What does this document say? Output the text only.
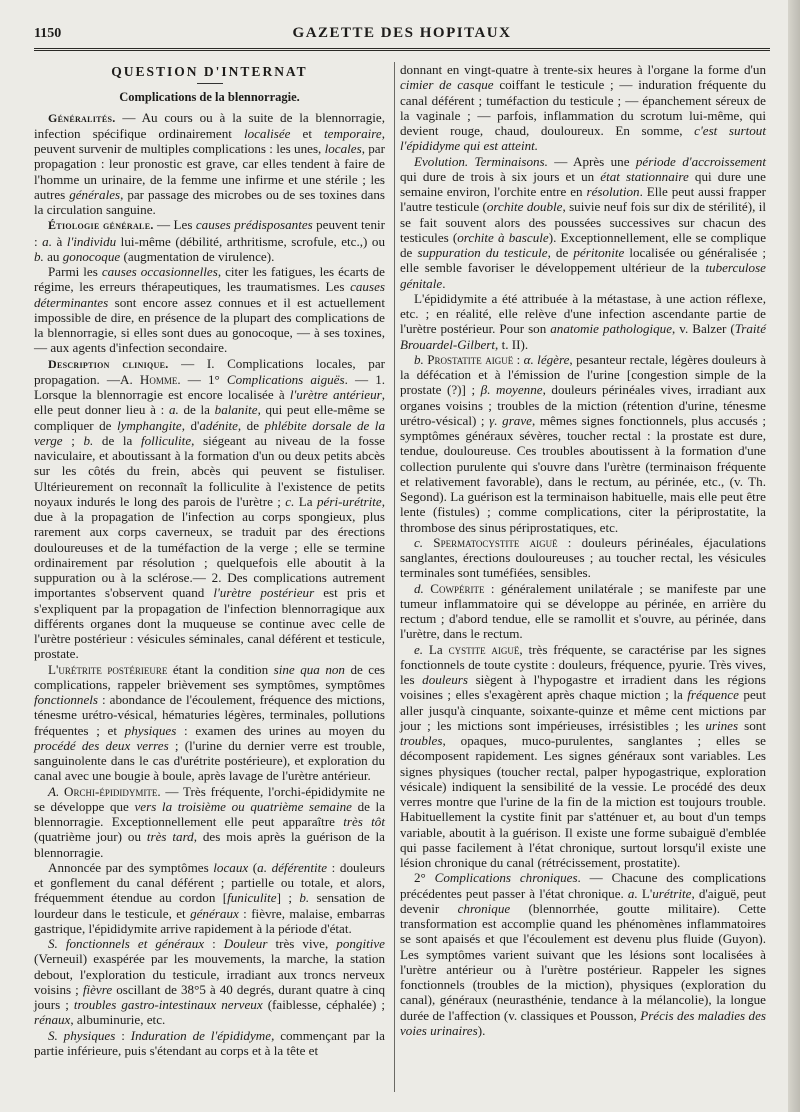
1150	GAZETTE DES HOPITAUX
QUESTION D'INTERNAT
Complications de la blennorragie.

Généralités. — Au cours ou à la suite de la blennorragie, infection spécifique ordinairement localisée et temporaire, peuvent survenir de multiples complications : les unes, locales, par propagation : leur pronostic est grave, car elles tendent à faire de l'homme un urinaire, de la femme une infirme et une stérile ; les autres générales, par passage des microbes ou de ses toxines dans la circulation sanguine.

Étiologie générale. — Les causes prédisposantes peuvent tenir : a. à l'individu lui-même (débilité, arthritisme, scrofule, etc.,) ou b. au gonocoque (augmentation de virulence).

Parmi les causes occasionnelles, citer les fatigues, les écarts de régime, les erreurs thérapeutiques, les traumatismes. Les causes déterminantes sont encore assez connues et il est actuellement impossible de dire, en présence de la plupart des complications de la blennorragie, si elles sont dues au gonocoque, — à ses toxines, — aux agents d'infection secondaire.

Description clinique. — I. Complications locales, par propagation. —A. Homme. — 1° Complications aiguës. — 1. Lorsque la blennorragie est encore localisée à l'urètre antérieur, elle peut donner lieu à : a. de la balanite, qui peut elle-même se compliquer de lymphangite, d'adénite, de phlébite dorsale de la verge ; b. de la folliculite, siégeant au niveau de la fosse naviculaire, et aboutissant à la formation d'un ou deux petits abcès sur les côtés du frein, abcès qui peuvent se fistuliser. Ultérieurement on reconnaît la folliculite à l'existence de petits noyaux indurés le long des parois de l'urètre ; c. La péri-urétrite, due à la propagation de l'infection au corps spongieux, plus rarement aux corps caverneux, se traduit par des érections douloureuses et de la tuméfaction de la verge ; elle se termine ordinairement par résolution ; quelquefois elle aboutit à la suppuration ou à la sclérose.— 2. Des complications autrement importantes s'observent quand l'urètre postérieur est pris et s'expliquent par la propagation de l'infection blennorragique aux différents organes dont la muqueuse se continue avec celle de l'urètre postérieur : vésicules séminales, canal déférent et testicule, prostate.

L'urétrite postérieure étant la condition sine qua non de ces complications, rappeler brièvement ses symptômes, symptômes fonctionnels : abondance de l'écoulement, fréquence des mictions, ténesme urétro-vésical, hématuries légères, terminales, pollutions fréquentes ; et physiques : examen des urines au moyen du procédé des deux verres ; (l'urine du dernier verre est trouble, sanguinolente dans le cas d'urétrite postérieure), et exploration du canal avec une bougie à boule, après lavage de l'urètre antérieur.

A. Orchi-épididymite. — Très fréquente, l'orchi-épididymite ne se développe que vers la troisième ou quatrième semaine de la blennorragie. Exceptionnellement elle peut apparaître très tôt (quatrième jour) ou très tard, des mois après la guérison de la blennorragie.

Annoncée par des symptômes locaux (a. déférentite : douleurs et gonflement du canal déférent ; partielle ou totale, et alors, fréquemment étendue au cordon [funiculite] ; b. sensation de lourdeur dans le testicule, et généraux : fièvre, malaise, embarras gastrique, l'épididymite arrive rapidement à la période d'état.

S. fonctionnels et généraux : Douleur très vive, pongitive (Verneuil) exaspérée par les mouvements, la marche, la station debout, l'exploration du testicule, irradiant aux troncs nerveux voisins ; fièvre oscillant de 38°5 à 40 degrés, durant quatre à cinq jours ; troubles gastro-intestinaux nerveux (faiblesse, céphalée) ; rénaux, albuminurie, etc.

S. physiques : Induration de l'épididyme, commençant par la partie inférieure, puis s'étendant au corps et à la tête et

donnant en vingt-quatre à trente-six heures à l'organe la forme d'un cimier de casque coiffant le testicule ; — induration fréquente du canal déférent ; tuméfaction du testicule ; — épanchement séreux de la vaginale ; — parfois, inflammation du scrotum lui-même, qui devient rouge, chaud, douloureux. En somme, c'est surtout l'épididyme qui est atteint.

Evolution. Terminaisons. — Après une période d'accroissement qui dure de trois à six jours et un état stationnaire qui dure une semaine environ, l'orchite entre en résolution. Elle peut aussi frapper l'autre testicule (orchite double, suivie neuf fois sur dix de stérilité), il se fait souvent alors des poussées successives sur chacun des testicules (orchite à bascule). Exceptionnellement, elle se complique de suppuration du testicule, de péritonite localisée ou généralisée ; elle semble favoriser le développement ultérieur de la tuberculose génitale.

L'épididymite a été attribuée à la métastase, à une action réflexe, etc. ; en réalité, elle relève d'une infection ascendante partie de l'urètre postérieur. Pour son anatomie pathologique, v. Balzer (Traité Brouardel-Gilbert, t. II).

b. Prostatite aiguë : α. légère, pesanteur rectale, légères douleurs à la défécation et à l'émission de l'urine [congestion simple de la prostate (?)] ; β. moyenne, douleurs périnéales vives, irradiant aux organes voisins ; troubles de la miction (rétention d'urine, ténesme urétro-vésical) ; γ. grave, mêmes signes fonctionnels, plus accusés ; symptômes généraux sévères, toucher rectal : la prostate est dure, tendue, douloureuse. Ces troubles aboutissent à la formation d'une collection purulente qui s'ouvre dans l'urètre (terminaison fréquente et relativement favorable), dans le rectum, au périnée, etc., (v. Th. Segond). La guérison est la terminaison habituelle, mais elle peut être lente (fistules) ; comme complications, citer la périprostatite, la thrombose des sinus périprostatiques, etc.

c. Spermatocystite aiguë : douleurs périnéales, éjaculations sanglantes, érections douloureuses ; au toucher rectal, les vésicules terminales sont tuméfiées, sensibles.

d. Cowpérite : généralement unilatérale ; se manifeste par une tumeur inflammatoire qui se développe au périnée, en arrière du rectum ; d'abord tendue, elle se ramollit et s'ouvre, au périnée, dans l'urètre, dans le rectum.

e. La cystite aiguë, très fréquente, se caractérise par les signes fonctionnels de toute cystite : douleurs, fréquence, pyurie. Très vives, les douleurs siègent à l'hypogastre et irradient dans les régions voisines ; elles s'exagèrent après chaque miction ; la fréquence peut aller jusqu'à cinquante, soixante-quinze et même cent mictions par jour ; les mictions sont impérieuses, irrésistibles ; les urines sont troubles, opaques, muco-purulentes, sanglantes ; elles se décomposent rapidement. Les signes généraux sont variables. Les signes physiques (toucher rectal, palper hypogastrique, exploration vésicale) indiquent la sensibilité de la vessie. Le procédé des deux verres montre que l'urine de la fin de la miction est toujours trouble. Habituellement la cystite finit par s'atténuer et, au bout d'un temps variable, aboutit à la guérison. Il existe une forme subaiguë d'emblée qui passe facilement à l'état chronique, surtout lorsqu'il existe une lésion chronique du canal (rétrécissement, prostatite).

2° Complications chroniques. — Chacune des complications précédentes peut passer à l'état chronique. a. L'urétrite, d'aiguë, peut devenir chronique (blennorrhée, goutte militaire). Cette transformation est accomplie quand les phénomènes inflammatoires se sont apaisés et que l'écoulement est devenu plus fluide (Guyon). Les symptômes varient suivant que les lésions sont localisées à l'urètre antérieur ou à l'urètre postérieur. Rappeler les signes fonctionnels (troubles de la miction), physiques (exploration du canal), généraux (neurasthénie, tendance à la mélancolie), la longue durée de l'affection (v. classiques et Pousson, Précis des maladies des voies urinaires).
